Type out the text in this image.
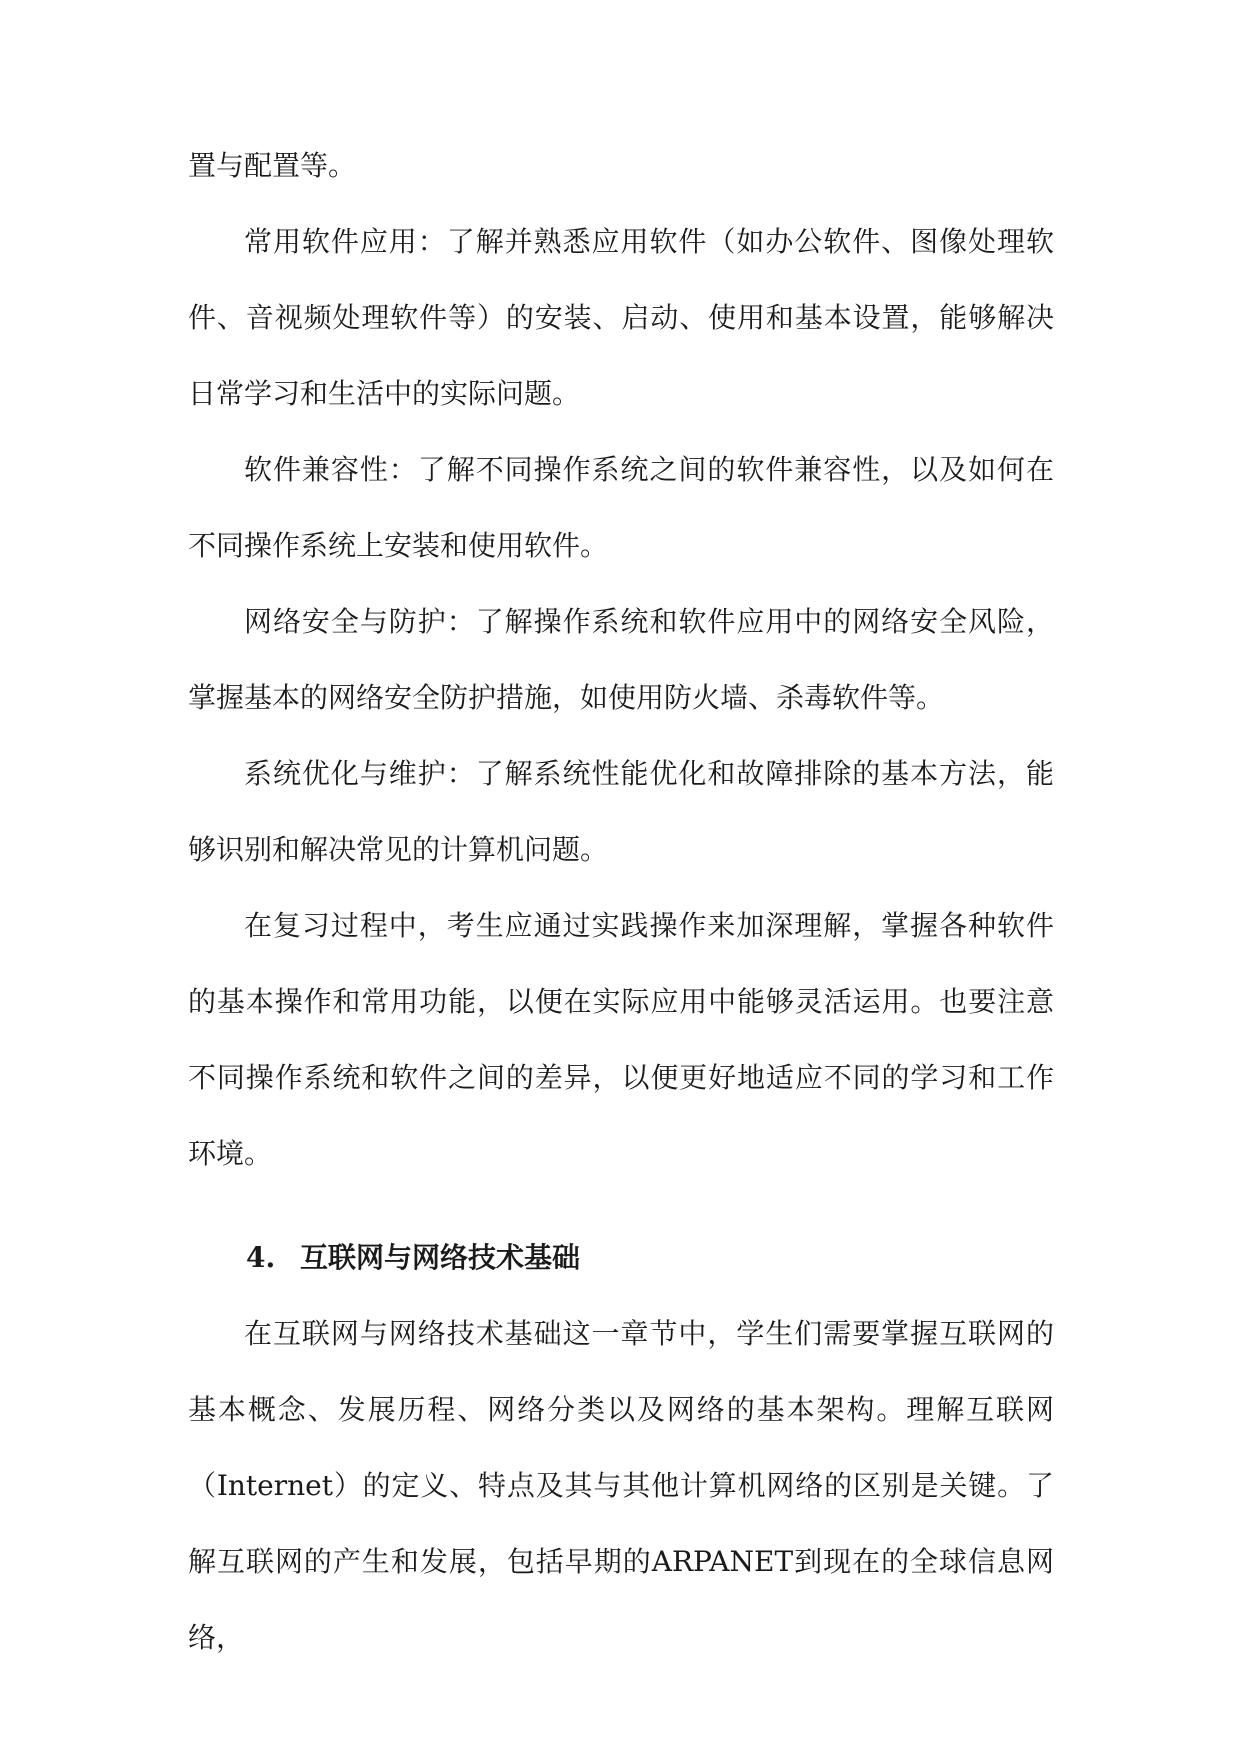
置与配置等。

常用软件应用：了解并熟悉应用软件（如办公软件、图像处理软件、音视频处理软件等）的安装、启动、使用和基本设置，能够解决日常学习和生活中的实际问题。

软件兼容性：了解不同操作系统之间的软件兼容性，以及如何在不同操作系统上安装和使用软件。

网络安全与防护：了解操作系统和软件应用中的网络安全风险，掌握基本的网络安全防护措施，如使用防火墙、杀毒软件等。

系统优化与维护：了解系统性能优化和故障排除的基本方法，能够识别和解决常见的计算机问题。

在复习过程中，考生应通过实践操作来加深理解，掌握各种软件的基本操作和常用功能，以便在实际应用中能够灵活运用。也要注意不同操作系统和软件之间的差异，以便更好地适应不同的学习和工作环境。

4. 互联网与网络技术基础

在互联网与网络技术基础这一章节中，学生们需要掌握互联网的基本概念、发展历程、网络分类以及网络的基本架构。理解互联网（Internet）的定义、特点及其与其他计算机网络的区别是关键。了解互联网的产生和发展，包括早期的ARPANET到现在的全球信息网络，
